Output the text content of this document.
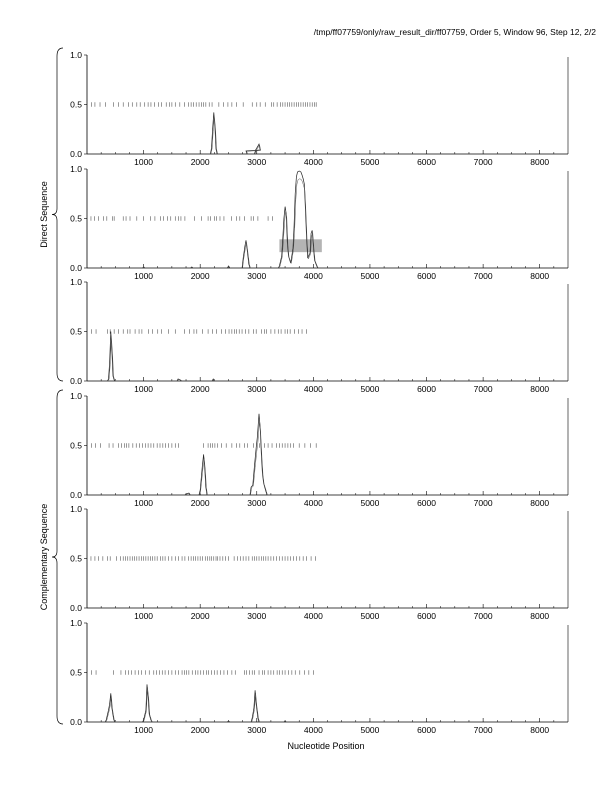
/tmp/ff07759/only/raw_result_dir/ff07759, Order 5, Window 96, Step 12, 2/2
0.0
0.5
1.0
1000	2000	3000	4000	5000	6000	7000	8000
0.0
0.5
1.0
1000	2000	3000	4000	5000	6000	7000	8000
0.0
0.5
1.0
1000	2000	3000	4000	5000	6000	7000	8000
0.0
0.5
1.0
1000	2000	3000	4000	5000	6000	7000	8000
0.0
0.5
1.0
1000	2000	3000	4000	5000	6000	7000	8000
0.0
0.5
1.0
1000	2000	3000	4000	5000	6000	7000	8000
Direct Sequence
Complementary Sequence
Nucleotide Position
